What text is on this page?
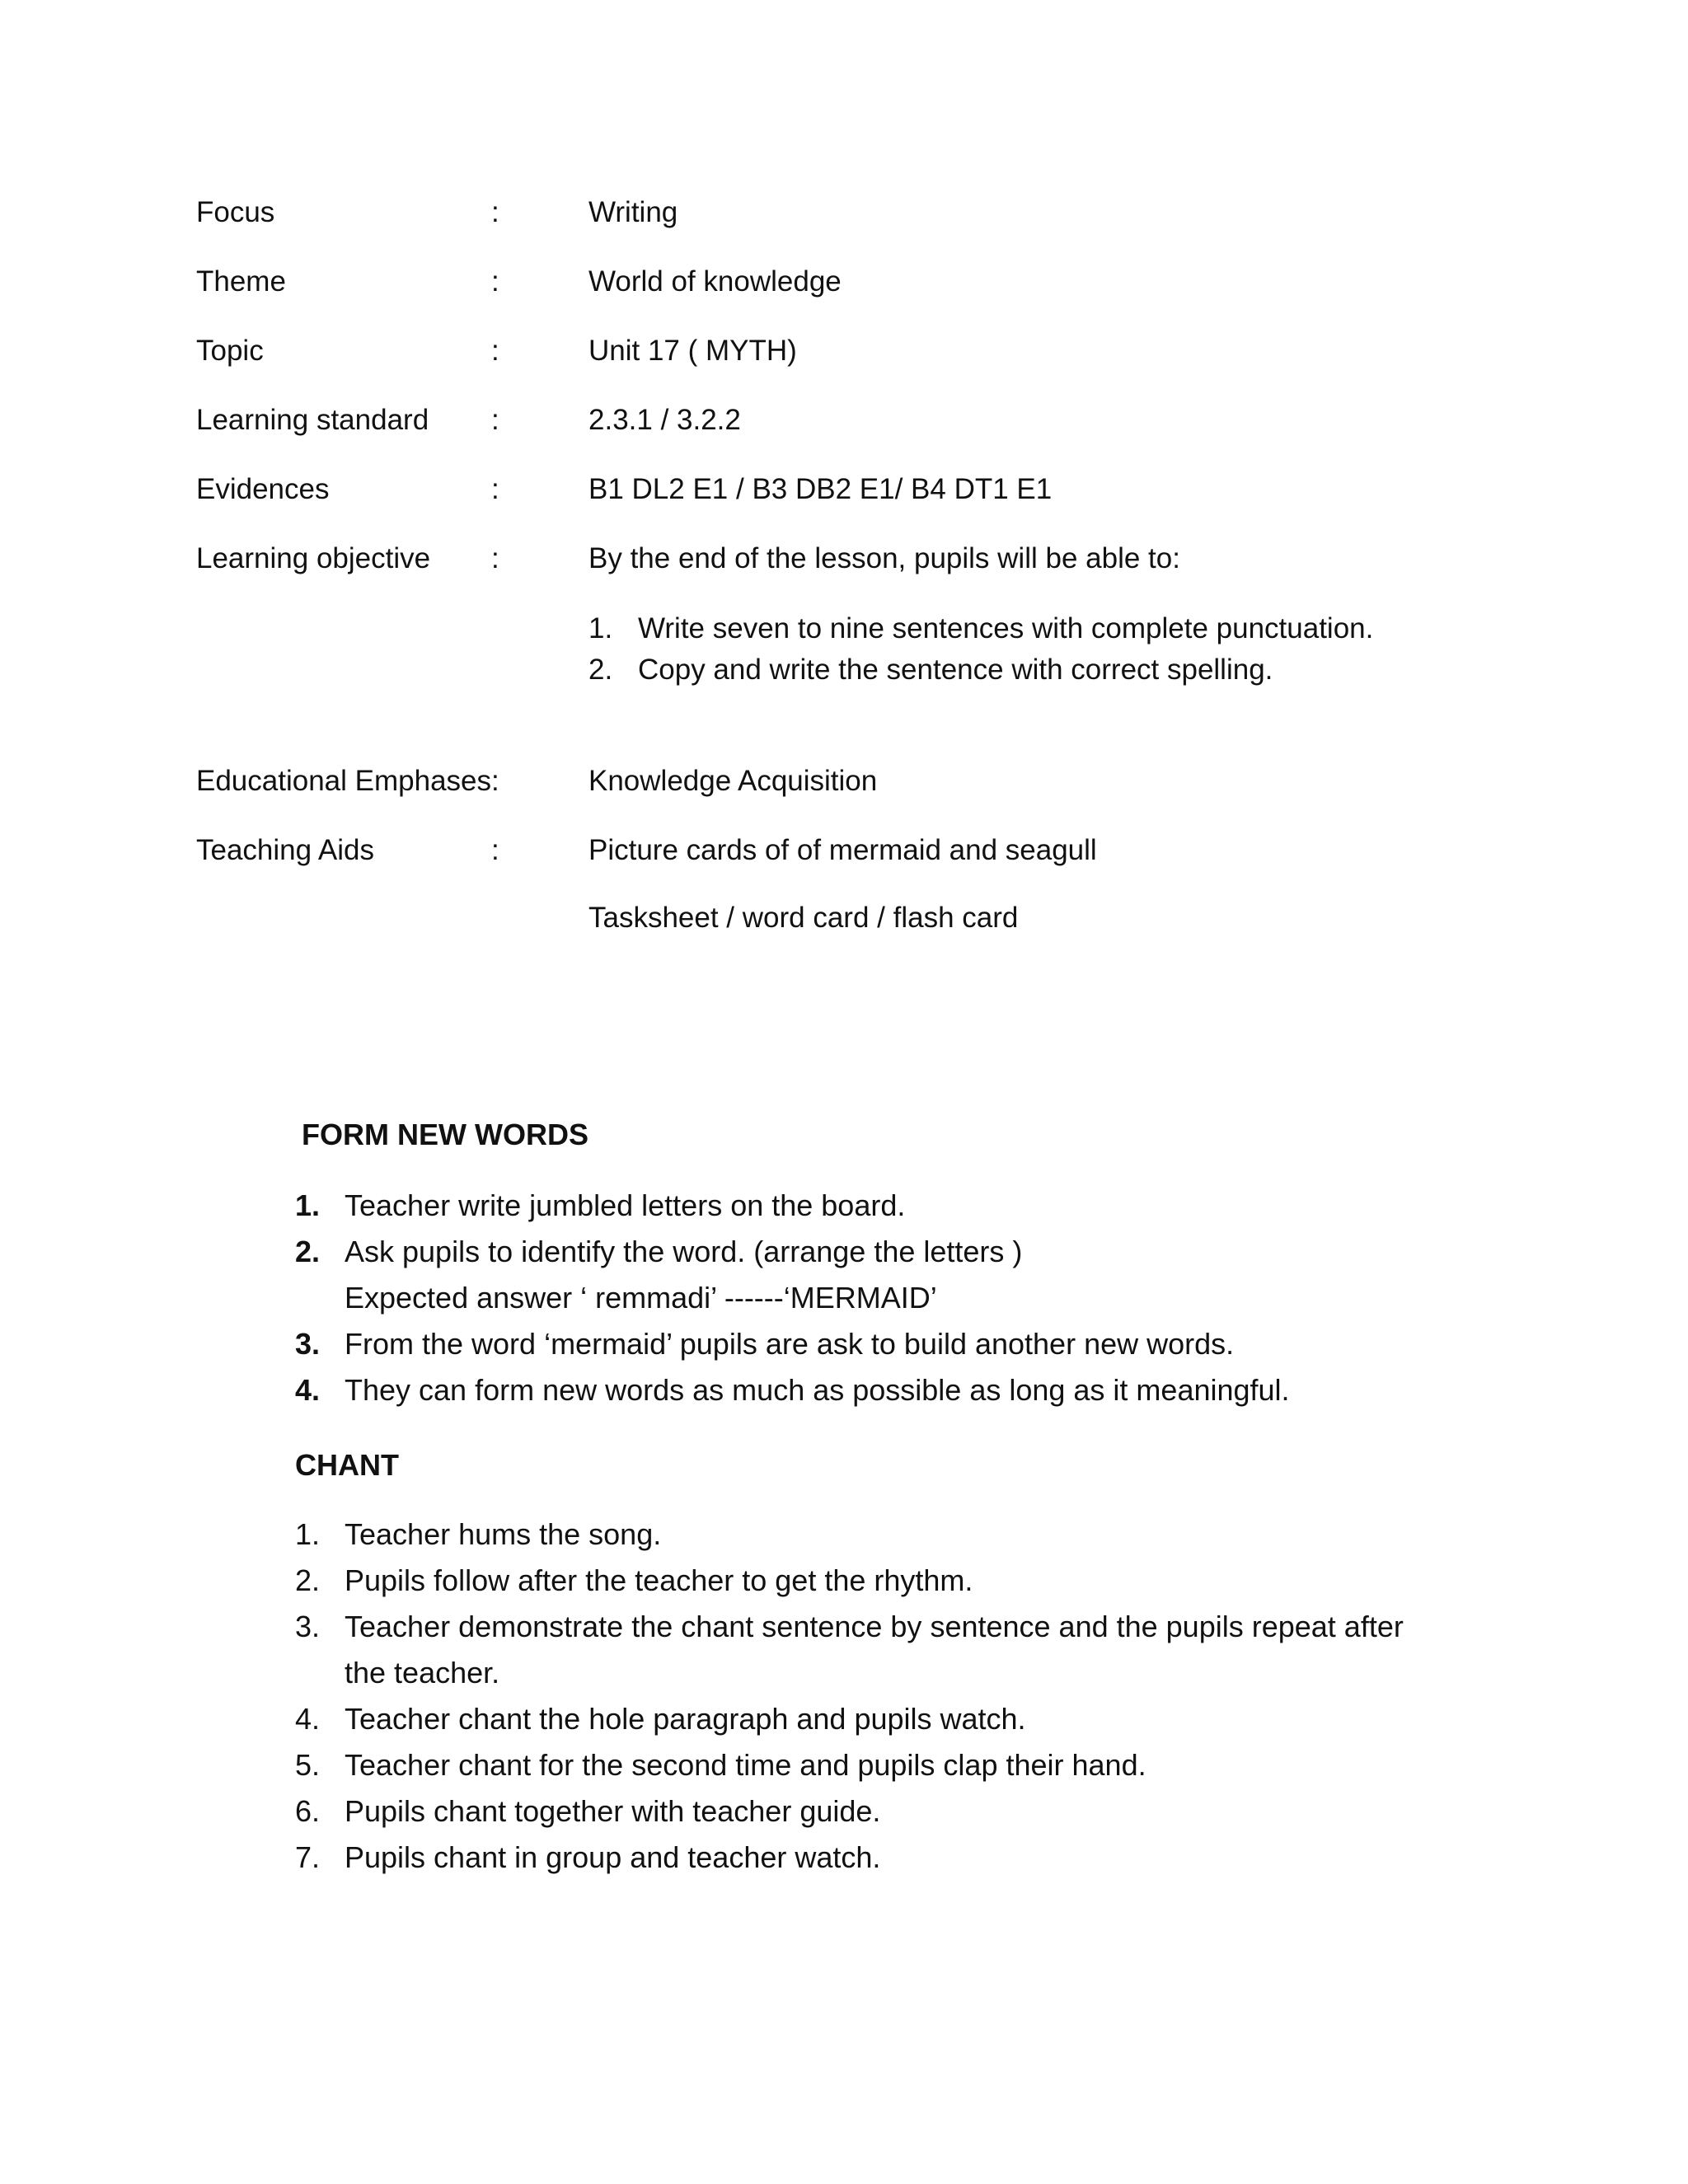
Focus	:	Writing
Theme	:	World of knowledge
Topic	:	Unit 17 ( MYTH)
Learning standard :	2.3.1 / 3.2.2
Evidences	:	B1 DL2 E1 / B3 DB2 E1/ B4 DT1 E1
Learning objective :	By the end of the lesson, pupils will be able to:
1. Write seven to nine sentences with complete punctuation.
2. Copy and write the sentence with correct spelling.
Educational Emphases :	Knowledge Acquisition
Teaching Aids	:	Picture cards of of mermaid and seagull
Tasksheet / word card / flash card
FORM NEW WORDS
1. Teacher write jumbled letters on the board.
2. Ask pupils to identify the word. (arrange the letters )
Expected answer ‘ remmadi’ ------‘MERMAID’
3. From the word ‘mermaid’ pupils are ask to build another new words.
4. They can form new words as much as possible as long as it meaningful.
CHANT
1. Teacher hums the song.
2. Pupils follow after the teacher to get the rhythm.
3. Teacher demonstrate the chant sentence by sentence and the pupils repeat after the teacher.
4. Teacher chant the hole paragraph and pupils watch.
5. Teacher chant for the second time and pupils clap their hand.
6. Pupils chant together with teacher guide.
7. Pupils chant in group and teacher watch.
